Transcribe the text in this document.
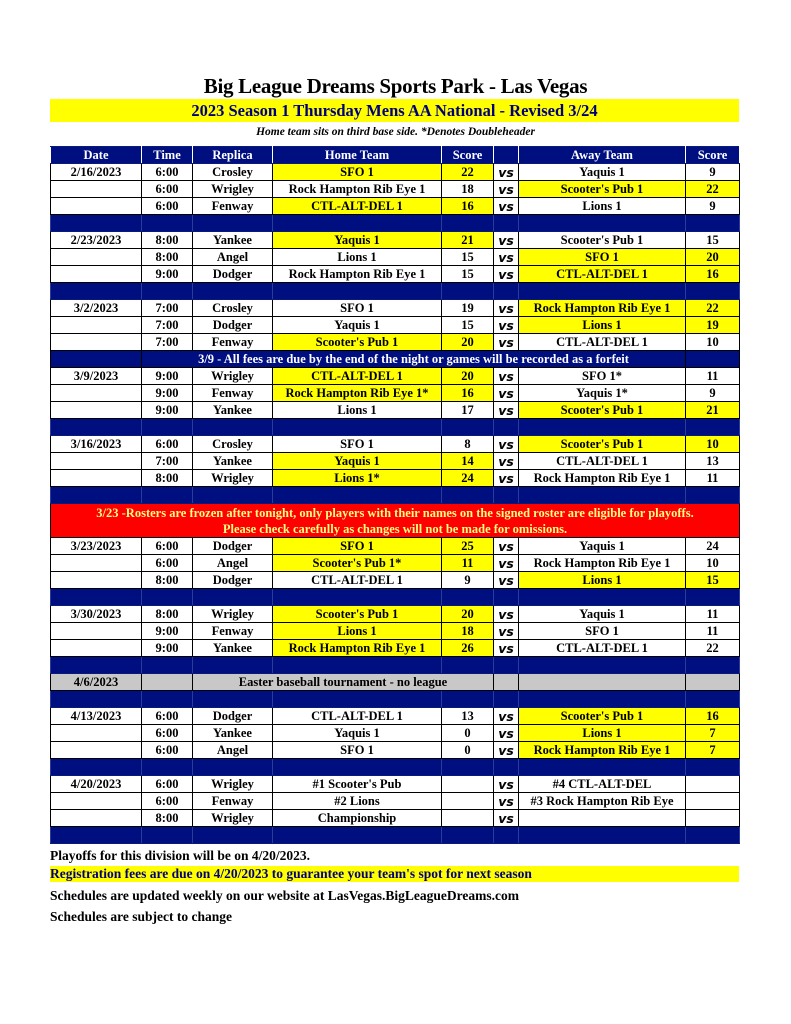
Big League Dreams Sports Park - Las Vegas
2023 Season 1 Thursday Mens AA National - Revised 3/24
Home team sits on third base side. *Denotes Doubleheader
Date	Time	Replica	Home Team	Score		Away Team	Score
2/16/2023	6:00	Crosley	SFO 1	22	vs	Yaquis 1	9
	6:00	Wrigley	Rock Hampton Rib Eye 1	18	vs	Scooter's Pub 1	22
	6:00	Fenway	CTL-ALT-DEL 1	16	vs	Lions 1	9

2/23/2023	8:00	Yankee	Yaquis 1	21	vs	Scooter's Pub 1	15
	8:00	Angel	Lions 1	15	vs	SFO 1	20
	9:00	Dodger	Rock Hampton Rib Eye 1	15	vs	CTL-ALT-DEL 1	16

3/2/2023	7:00	Crosley	SFO 1	19	vs	Rock Hampton Rib Eye 1	22
	7:00	Dodger	Yaquis 1	15	vs	Lions 1	19
	7:00	Fenway	Scooter's Pub 1	20	vs	CTL-ALT-DEL 1	10
	3/9 - All fees are due by the end of the night or games will be recorded as a forfeit						
3/9/2023	9:00	Wrigley	CTL-ALT-DEL 1	20	vs	SFO 1*	11
	9:00	Fenway	Rock Hampton Rib Eye 1*	16	vs	Yaquis 1*	9
	9:00	Yankee	Lions 1	17	vs	Scooter's Pub 1	21

3/16/2023	6:00	Crosley	SFO 1	8	vs	Scooter's Pub 1	10
	7:00	Yankee	Yaquis 1	14	vs	CTL-ALT-DEL 1	13
	8:00	Wrigley	Lions 1*	24	vs	Rock Hampton Rib Eye 1	11

3/23 -Rosters are frozen after tonight, only players with their names on the signed roster are eligible for playoffs.
Please check carefully as changes will not be made for omissions.							

3/23/2023	6:00	Dodger	SFO 1	25	vs	Yaquis 1	24
	6:00	Angel	Scooter's Pub 1*	11	vs	Rock Hampton Rib Eye 1	10
	8:00	Dodger	CTL-ALT-DEL 1	9	vs	Lions 1	15

3/30/2023	8:00	Wrigley	Scooter's Pub 1	20	vs	Yaquis 1	11
	9:00	Fenway	Lions 1	18	vs	SFO 1	11
	9:00	Yankee	Rock Hampton Rib Eye 1	26	vs	CTL-ALT-DEL 1	22

4/6/2023		Easter baseball tournament - no league					

4/13/2023	6:00	Dodger	CTL-ALT-DEL 1	13	vs	Scooter's Pub 1	16
	6:00	Yankee	Yaquis 1	0	vs	Lions 1	7
	6:00	Angel	SFO 1	0	vs	Rock Hampton Rib Eye 1	7

4/20/2023	6:00	Wrigley	#1 Scooter's Pub		vs	#4 CTL-ALT-DEL	
	6:00	Fenway	#2 Lions		vs	#3 Rock Hampton Rib Eye	
	8:00	Wrigley	Championship		vs		

Playoffs for this division will be on 4/20/2023.
Registration fees are due on 4/20/2023 to guarantee your team's spot for next season
Schedules are updated weekly on our website at LasVegas.BigLeagueDreams.com
Schedules are subject to change
